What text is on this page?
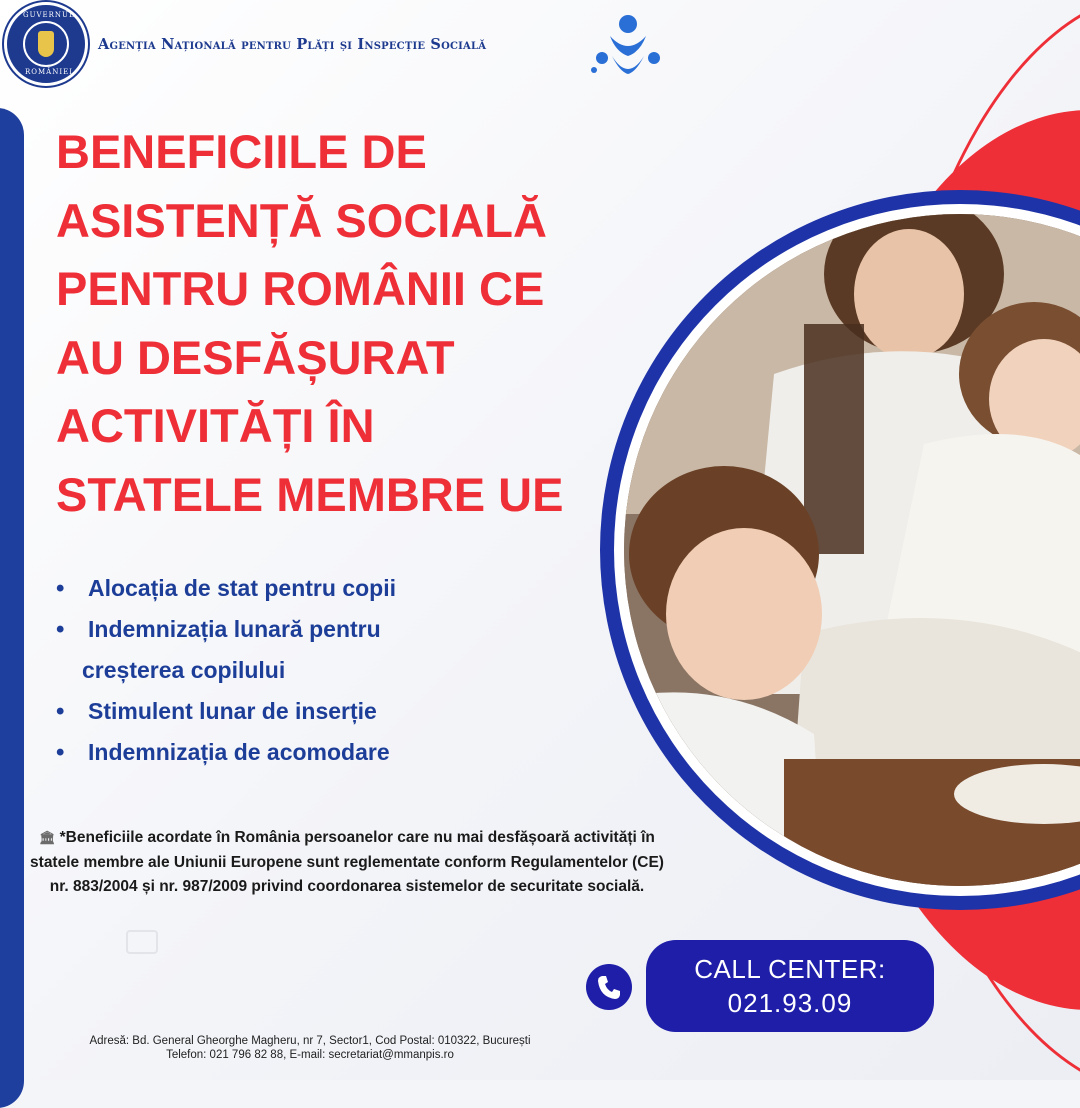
GUVERNUL
ROMÂNIEI
Agenția Națională pentru Plăți și Inspecție Socială
BENEFICIILE DE
ASISTENȚĂ SOCIALĂ
PENTRU ROMÂNII CE
AU DESFĂȘURAT
ACTIVITĂȚI ÎN
STATELE MEMBRE UE
• Alocația de stat pentru copii
• Indemnizația lunară pentru
creșterea copilului
• Stimulent lunar de inserție
• Indemnizația de acomodare

🏛 *Beneficiile acordate în România persoanelor care nu mai desfășoară activități în statele membre ale Uniunii Europene sunt reglementate conform Regulamentelor (CE) nr. 883/2004 și nr. 987/2009 privind coordonarea sistemelor de securitate socială.

CALL CENTER:
021.93.09
Adresă: Bd. General Gheorghe Magheru, nr 7, Sector1, Cod Postal: 010322, București
Telefon: 021 796 82 88, E-mail: secretariat@mmanpis.ro
